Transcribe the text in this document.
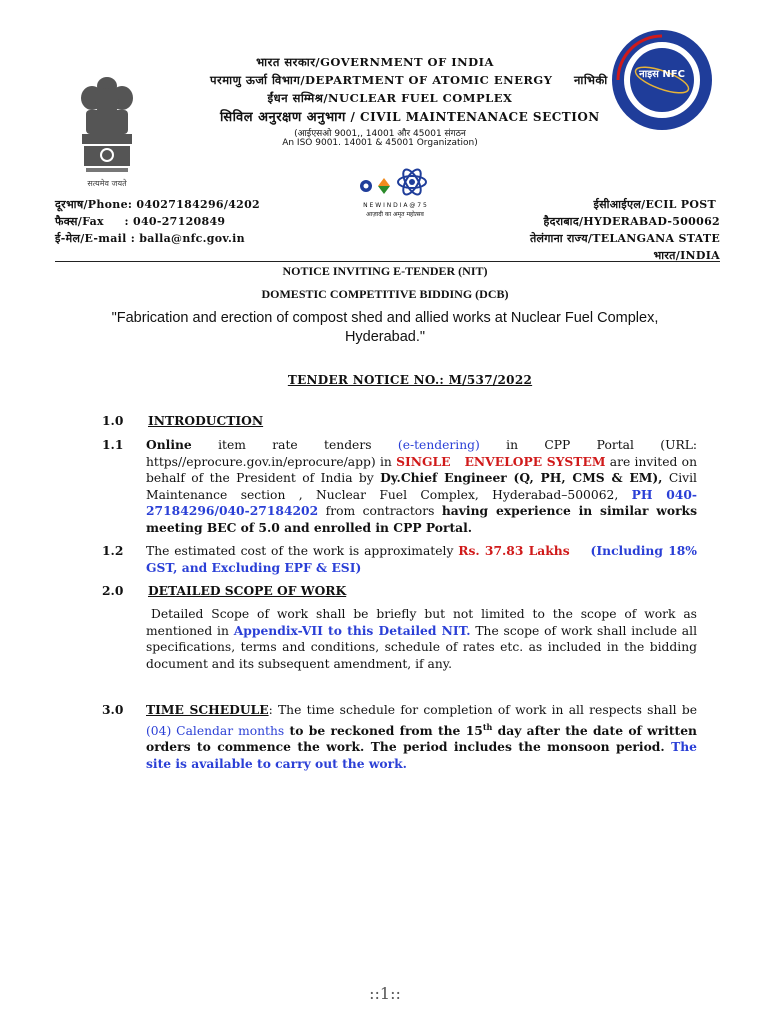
सत्यमेव जयते
भारत सरकार/GOVERNMENT OF INDIA
परमाणु ऊर्जा विभाग/DEPARTMENT OF ATOMIC ENERGY	नाभिकी
ईंधन सम्मिश्र/NUCLEAR FUEL COMPLEX
सिविल अनुरक्षण अनुभाग / CIVIL MAINTENANACE SECTION
(आईएसओ 9001,, 14001 और 45001 संगठन
An ISO 9001. 14001 & 45001 Organization)
नाइस NFC
N E W I N D I A @ 7 5
आज़ादी का अमृत महोत्सव
दूरभाष/Phone: 04027184296/4202
फैक्स/Fax     : 040-27120849
ई-मेल/E-mail : balla@nfc.gov.in
ईसीआईएल/ECIL POST
हैदराबाद/HYDERABAD-500062
तेलंगाना राज्य/TELANGANA STATE
भारत/INDIA
NOTICE INVITING E-TENDER (NIT)
DOMESTIC COMPETITIVE BIDDING (DCB)
"Fabrication and erection of compost shed and allied works at Nuclear Fuel Complex,
Hyderabad."
TENDER NOTICE NO.: M/537/2022
1.0 INTRODUCTION
1.1 Online item rate tenders (e-tendering) in CPP Portal (URL: https//eprocure.gov.in/eprocure/app) in SINGLE   ENVELOPE SYSTEM are invited on behalf of the President of India by Dy.Chief Engineer (Q, PH, CMS & EM), Civil Maintenance section , Nuclear Fuel Complex, Hyderabad–500062, PH 040-27184296/040-27184202 from contractors having experience in similar works meeting BEC of 5.0 and enrolled in CPP Portal.
1.2 The estimated cost of the work is approximately Rs. 37.83 Lakhs    (Including 18% GST, and Excluding EPF & ESI)
2.0 DETAILED SCOPE OF WORK
Detailed Scope of work shall be briefly but not limited to the scope of work as mentioned in Appendix-VII to this Detailed NIT. The scope of work shall include all specifications, terms and conditions, schedule of rates etc. as included in the bidding document and its subsequent amendment, if any.
3.0 TIME SCHEDULE: The time schedule for completion of work in all respects shall be (04) Calendar months to be reckoned from the 15th day after the date of written orders to commence the work. The period includes the monsoon period. The site is available to carry out the work.
::1::
